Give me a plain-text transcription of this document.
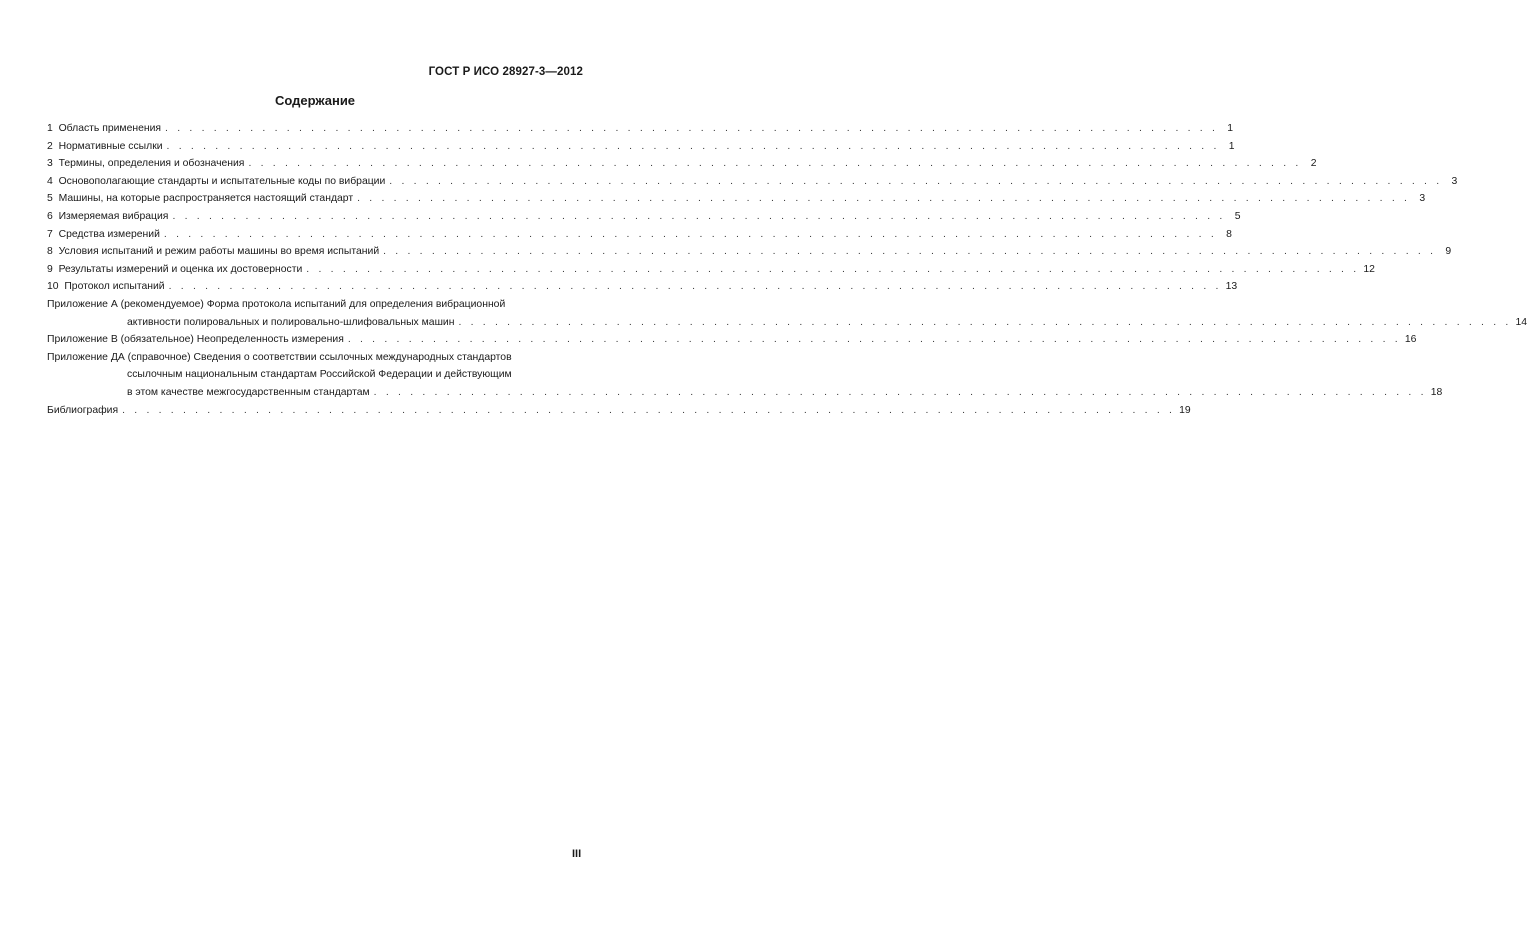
ГОСТ Р ИСО 28927-3—2012
Содержание
1
Область применения . . . . . . . . . . . . . . . . . . . . . . . . . . . . . . . . . . . . . . . . . . . . . . . . . . . . . . . . . . . . . . . . . . . . . . . . . . . . . . . . . . . . . . . 1
2
Нормативные ссылки . . . . . . . . . . . . . . . . . . . . . . . . . . . . . . . . . . . . . . . . . . . . . . . . . . . . . . . . . . . . . . . . . . . . . . . . . . . . . . . . . . . . . . . 1
3
Термины, определения и обозначения . . . . . . . . . . . . . . . . . . . . . . . . . . . . . . . . . . . . . . . . . . . . . . . . . . . . . . . . . . . . . . . . . . . . . . . . . . . . . . . . . . . . . . . 2
4
Основополагающие стандарты и испытательные коды по вибрации . . . . . . . . . . . . . . . . . . . . . . . . . . . . . . . . . . . . . . . . . . . . . . . . . . . . . . . . . . . . . . . . . . . . . . . . . . . . . . . . . . . . . . . 3
5
Машины, на которые распространяется настоящий стандарт . . . . . . . . . . . . . . . . . . . . . . . . . . . . . . . . . . . . . . . . . . . . . . . . . . . . . . . . . . . . . . . . . . . . . . . . . . . . . . . . . . . . . . . 3
6
Измеряемая вибрация . . . . . . . . . . . . . . . . . . . . . . . . . . . . . . . . . . . . . . . . . . . . . . . . . . . . . . . . . . . . . . . . . . . . . . . . . . . . . . . . . . . . . . . 5
7
Средства измерений . . . . . . . . . . . . . . . . . . . . . . . . . . . . . . . . . . . . . . . . . . . . . . . . . . . . . . . . . . . . . . . . . . . . . . . . . . . . . . . . . . . . . . . 8
8
Условия испытаний и режим работы машины во время испытаний . . . . . . . . . . . . . . . . . . . . . . . . . . . . . . . . . . . . . . . . . . . . . . . . . . . . . . . . . . . . . . . . . . . . . . . . . . . . . . . . . . . . . . . 9
9
Результаты измерений и оценка их достоверности . . . . . . . . . . . . . . . . . . . . . . . . . . . . . . . . . . . . . . . . . . . . . . . . . . . . . . . . . . . . . . . . . . . . . . . . . . . . . . . . . . . . . . . 12
10
Протокол испытаний . . . . . . . . . . . . . . . . . . . . . . . . . . . . . . . . . . . . . . . . . . . . . . . . . . . . . . . . . . . . . . . . . . . . . . . . . . . . . . . . . . . . . . . 13
Приложение А (рекомендуемое) Форма протокола испытаний для определения вибрационной
активности полировальных и полировально-шлифовальных машин . . . . . . . . . . . . . . . . . . . . . . . . . . . . . . . . . . . . . . . . . . . . . . . . . . . . . . . . . . . . . . . . . . . . . . . . . . . . . . . . . . . . . . . 14
Приложение В (обязательное) Неопределенность измерения . . . . . . . . . . . . . . . . . . . . . . . . . . . . . . . . . . . . . . . . . . . . . . . . . . . . . . . . . . . . . . . . . . . . . . . . . . . . . . . . . . . . . . . 16
Приложение ДА (справочное) Сведения о соответствии ссылочных международных стандартов
ссылочным национальным стандартам Российской Федерации и действующим
в этом качестве межгосударственным стандартам . . . . . . . . . . . . . . . . . . . . . . . . . . . . . . . . . . . . . . . . . . . . . . . . . . . . . . . . . . . . . . . . . . . . . . . . . . . . . . . . . . . . . . . 18
Библиография . . . . . . . . . . . . . . . . . . . . . . . . . . . . . . . . . . . . . . . . . . . . . . . . . . . . . . . . . . . . . . . . . . . . . . . . . . . . . . . . . . . . . . . 19
III
